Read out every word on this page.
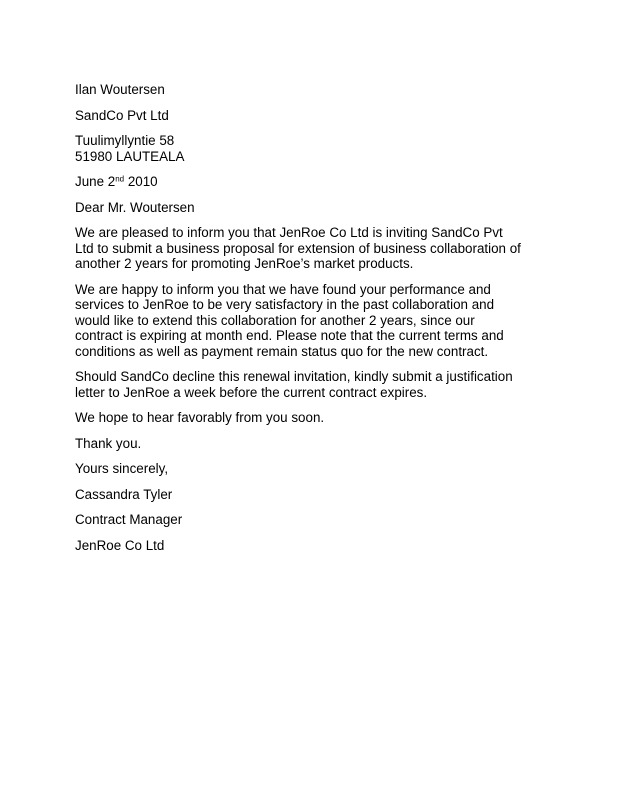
Ilan Woutersen
SandCo Pvt Ltd
Tuulimyllyntie 58
51980 LAUTEALA
June 2nd 2010
Dear Mr. Woutersen
We are pleased to inform you that JenRoe Co Ltd is inviting SandCo Pvt
Ltd to submit a business proposal for extension of business collaboration of
another 2 years for promoting JenRoe’s market products.
We are happy to inform you that we have found your performance and
services to JenRoe to be very satisfactory in the past collaboration and
would like to extend this collaboration for another 2 years, since our
contract is expiring at month end. Please note that the current terms and
conditions as well as payment remain status quo for the new contract.
Should SandCo decline this renewal invitation, kindly submit a justification
letter to JenRoe a week before the current contract expires.
We hope to hear favorably from you soon.
Thank you.
Yours sincerely,
Cassandra Tyler
Contract Manager
JenRoe Co Ltd
